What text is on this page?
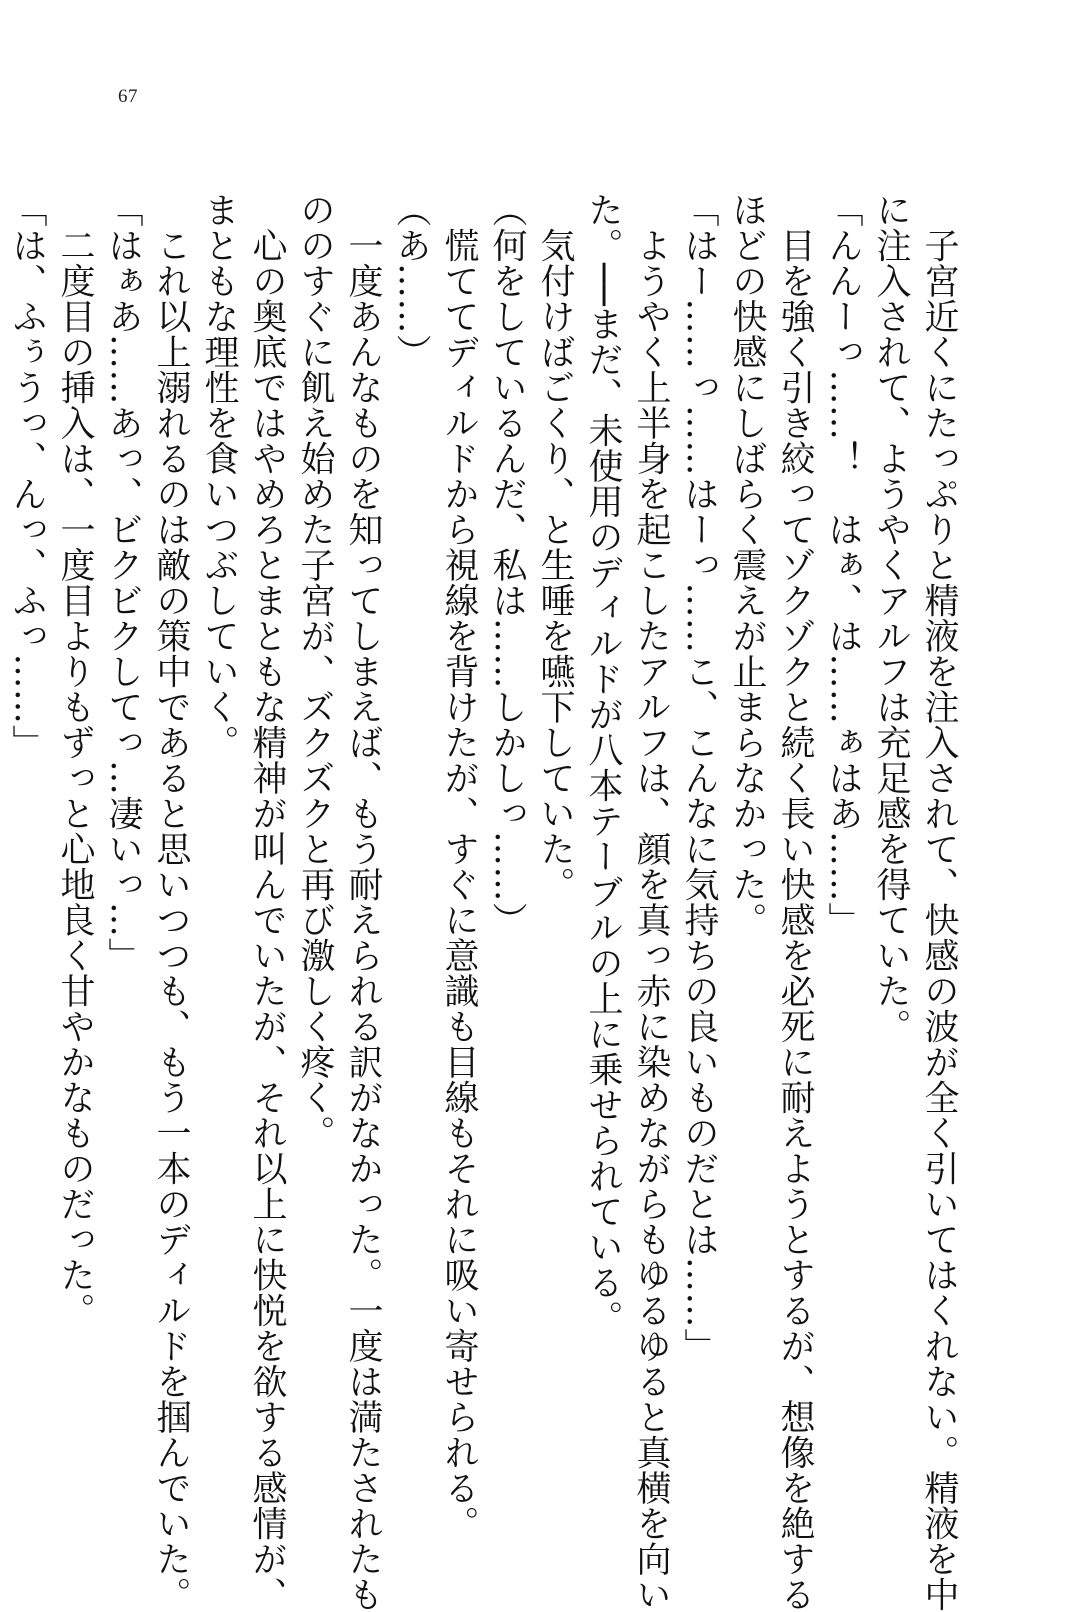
67
　子宮近くにたっぷりと精液を注入されて、快感の波が全く引いてはくれない。精液を中
に注入されて、ようやくアルフは充足感を得ていた。
「んんーっ……！　はぁ、は……ぁはあ……」
　目を強く引き絞ってゾクゾクと続く長い快感を必死に耐えようとするが、想像を絶する
ほどの快感にしばらく震えが止まらなかった。
「はー……っ……はーっ……こ、こんなに気持ちの良いものだとは……」
　ようやく上半身を起こしたアルフは、顔を真っ赤に染めながらもゆるゆると真横を向い
た。──まだ、未使用のディルドが八本テーブルの上に乗せられている。
　気付けばごくり、と生唾を嚥下していた。
（何をしているんだ、私は……しかしっ……）
　慌ててディルドから視線を背けたが、すぐに意識も目線もそれに吸い寄せられる。
（あ……）
　一度あんなものを知ってしまえば、もう耐えられる訳がなかった。一度は満たされたも
ののすぐに飢え始めた子宮が、ズクズクと再び激しく疼く。
　心の奥底ではやめろとまともな精神が叫んでいたが、それ以上に快悦を欲する感情が、
まともな理性を食いつぶしていく。
　これ以上溺れるのは敵の策中であると思いつつも、もう一本のディルドを掴んでいた。
「はぁあ……あっ、ビクビクしてっ…凄いっ…」
　二度目の挿入は、一度目よりもずっと心地良く甘やかなものだった。
「は、ふぅうっ、んっ、ふっ……」
